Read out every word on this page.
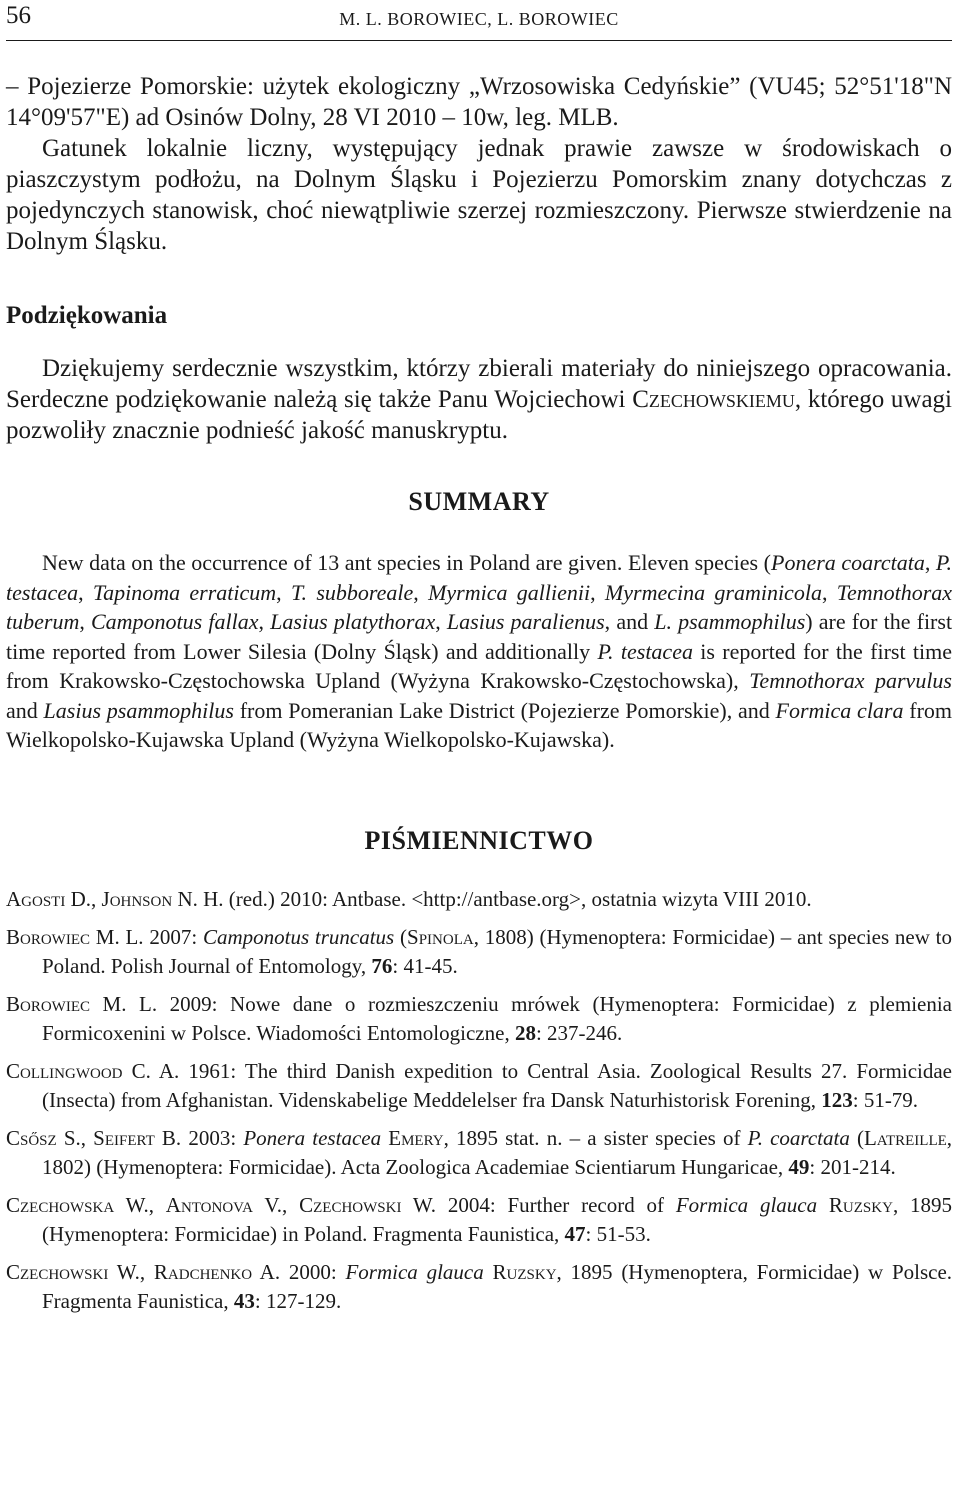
56	M. L. BOROWIEC, L. BOROWIEC

– Pojezierze Pomorskie: użytek ekologiczny „Wrzosowiska Cedyńskie” (VU45; 52°51'18"N 14°09'57"E) ad Osinów Dolny, 28 VI 2010 – 10w, leg. MLB.

Gatunek lokalnie liczny, występujący jednak prawie zawsze w środowiskach o piaszczystym podłożu, na Dolnym Śląsku i Pojezierzu Pomorskim znany dotychczas z pojedynczych stanowisk, choć niewątpliwie szerzej rozmieszczony. Pierwsze stwierdzenie na Dolnym Śląsku.

Podziękowania

Dziękujemy serdecznie wszystkim, którzy zbierali materiały do niniejszego opracowania. Serdeczne podziękowanie należą się także Panu Wojciechowi Czechowskiemu, którego uwagi pozwoliły znacznie podnieść jakość manuskryptu.

SUMMARY

New data on the occurrence of 13 ant species in Poland are given. Eleven species (Ponera coarctata, P. testacea, Tapinoma erraticum, T. subboreale, Myrmica gallienii, Myrmecina graminicola, Temnothorax tuberum, Camponotus fallax, Lasius platythorax, Lasius paralienus, and L. psammophilus) are for the first time reported from Lower Silesia (Dolny Śląsk) and additionally P. testacea is reported for the first time from Krakowsko-Częstochowska Upland (Wyżyna Krakowsko-Częstochowska), Temnothorax parvulus and Lasius psammophilus from Pomeranian Lake District (Pojezierze Pomorskie), and Formica clara from Wielkopolsko-Kujawska Upland (Wyżyna Wielkopolsko-Kujawska).

PIŚMIENNICTWO

Agosti D., Johnson N. H. (red.) 2010: Antbase. <http://antbase.org>, ostatnia wizyta VIII 2010.

Borowiec M. L. 2007: Camponotus truncatus (Spinola, 1808) (Hymenoptera: Formicidae) – ant species new to Poland. Polish Journal of Entomology, 76: 41-45.

Borowiec M. L. 2009: Nowe dane o rozmieszczeniu mrówek (Hymenoptera: Formicidae) z plemienia Formicoxenini w Polsce. Wiadomości Entomologiczne, 28: 237-246.

Collingwood C. A. 1961: The third Danish expedition to Central Asia. Zoological Results 27. Formicidae (Insecta) from Afghanistan. Videnskabelige Meddelelser fra Dansk Naturhistorisk Forening, 123: 51-79.

Csősz S., Seifert B. 2003: Ponera testacea Emery, 1895 stat. n. – a sister species of P. coarctata (Latreille, 1802) (Hymenoptera: Formicidae). Acta Zoologica Academiae Scientiarum Hungaricae, 49: 201-214.

Czechowska W., Antonova V., Czechowski W. 2004: Further record of Formica glauca Ruzsky, 1895 (Hymenoptera: Formicidae) in Poland. Fragmenta Faunistica, 47: 51-53.

Czechowski W., Radchenko A. 2000: Formica glauca Ruzsky, 1895 (Hymenoptera, Formicidae) w Polsce. Fragmenta Faunistica, 43: 127-129.
